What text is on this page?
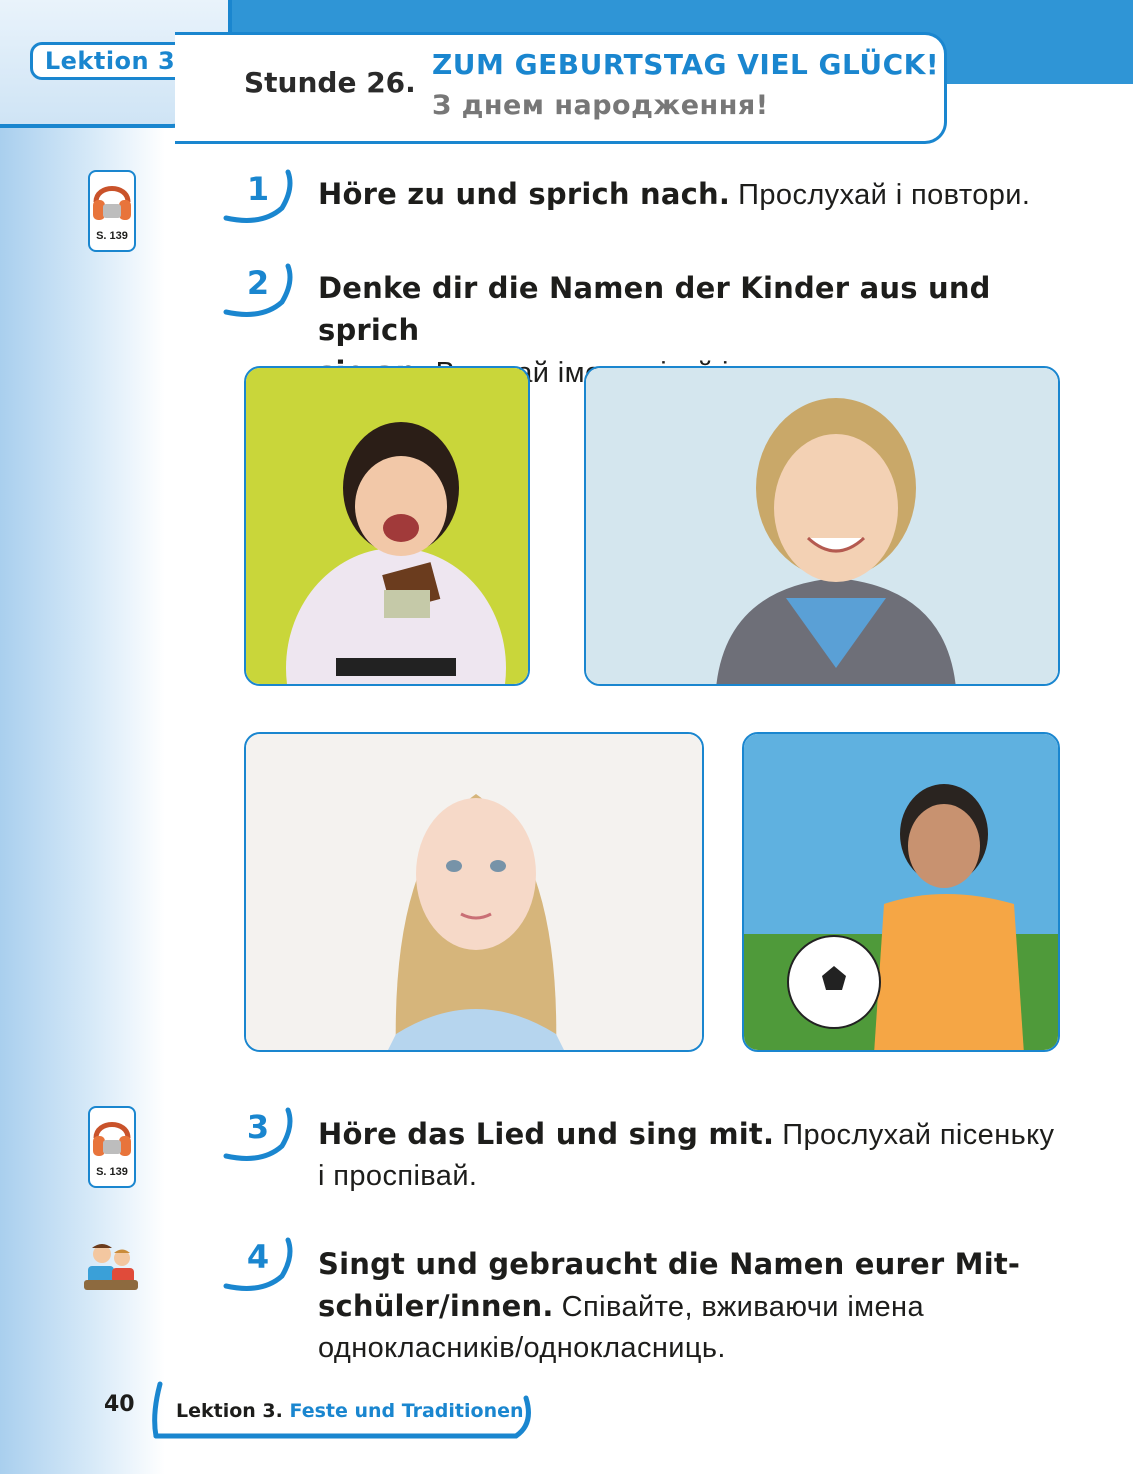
Lektion 3
Stunde 26.
ZUM GEBURTSTAG VIEL GLÜCK!
З днем народження!
S. 139
1 Höre zu und sprich nach. Прослухай і повтори.
2 Denke dir die Namen der Kinder aus und sprich
S. 139
3 Höre das Lied und sing mit. Прослухай пісеньку
і проспівай.
4 Singt und gebraucht die Namen eurer Mit-
schüler/innen. Співайте, вживаючи імена
однокласників/однокласниць.
40 Lektion 3. Feste und Traditionen
